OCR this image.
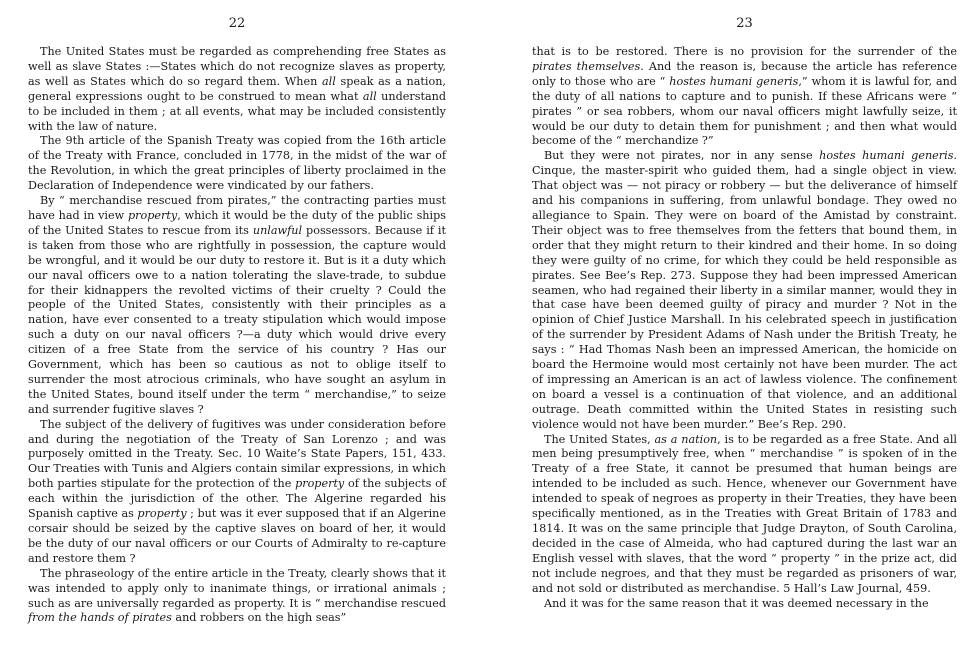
22

The United States must be regarded as comprehending free States as well as slave States :—States which do not recognize slaves as property, as well as States which do so regard them. When all speak as a nation, general expressions ought to be construed to mean what all understand to be included in them ; at all events, what may be included consistently with the law of nature.

The 9th article of the Spanish Treaty was copied from the 16th article of the Treaty with France, concluded in 1778, in the midst of the war of the Revolution, in which the great principles of liberty proclaimed in the Declaration of Independence were vindicated by our fathers.

By “ merchandise rescued from pirates,” the contracting parties must have had in view property, which it would be the duty of the public ships of the United States to rescue from its unlawful possessors. Because if it is taken from those who are rightfully in possession, the capture would be wrongful, and it would be our duty to restore it. But is it a duty which our naval officers owe to a nation tolerating the slave-trade, to subdue for their kidnappers the revolted victims of their cruelty ? Could the people of the United States, consistently with their principles as a nation, have ever consented to a treaty stipulation which would impose such a duty on our naval officers ?—a duty which would drive every citizen of a free State from the service of his country ? Has our Government, which has been so cautious as not to oblige itself to surrender the most atrocious criminals, who have sought an asylum in the United States, bound itself under the term “ merchandise,” to seize and surrender fugitive slaves ?

The subject of the delivery of fugitives was under consideration before and during the negotiation of the Treaty of San Lorenzo ; and was purposely omitted in the Treaty. Sec. 10 Waite’s State Papers, 151, 433. Our Treaties with Tunis and Algiers contain similar expressions, in which both parties stipulate for the protection of the property of the subjects of each within the jurisdiction of the other. The Algerine regarded his Spanish captive as property ; but was it ever supposed that if an Algerine corsair should be seized by the captive slaves on board of her, it would be the duty of our naval officers or our Courts of Admiralty to re-capture and restore them ?

The phraseology of the entire article in the Treaty, clearly shows that it was intended to apply only to inanimate things, or irrational animals ; such as are universally regarded as property. It is “ merchandise rescued from the hands of pirates and robbers on the high seas”

23

that is to be restored. There is no provision for the surrender of the pirates themselves. And the reason is, because the article has reference only to those who are “ hostes humani generis,” whom it is lawful for, and the duty of all nations to capture and to punish. If these Africans were “ pirates ” or sea robbers, whom our naval officers might lawfully seize, it would be our duty to detain them for punishment ; and then what would become of the “ merchandize ?”

But they were not pirates, nor in any sense hostes humani generis. Cinque, the master-spirit who guided them, had a single object in view. That object was — not piracy or robbery — but the deliverance of himself and his companions in suffering, from unlawful bondage. They owed no allegiance to Spain. They were on board of the Amistad by constraint. Their object was to free themselves from the fetters that bound them, in order that they might return to their kindred and their home. In so doing they were guilty of no crime, for which they could be held responsible as pirates. See Bee’s Rep. 273. Suppose they had been impressed American seamen, who had regained their liberty in a similar manner, would they in that case have been deemed guilty of piracy and murder ? Not in the opinion of Chief Justice Marshall. In his celebrated speech in justification of the surrender by President Adams of Nash under the British Treaty, he says : “ Had Thomas Nash been an impressed American, the homicide on board the Hermoine would most certainly not have been murder. The act of impressing an American is an act of lawless violence. The confinement on board a vessel is a continuation of that violence, and an additional outrage. Death committed within the United States in resisting such violence would not have been murder.” Bee’s Rep. 290.

The United States, as a nation, is to be regarded as a free State. And all men being presumptively free, when “ merchandise ” is spoken of in the Treaty of a free State, it cannot be presumed that human beings are intended to be included as such. Hence, whenever our Government have intended to speak of negroes as property in their Treaties, they have been specifically mentioned, as in the Treaties with Great Britain of 1783 and 1814. It was on the same principle that Judge Drayton, of South Carolina, decided in the case of Almeida, who had captured during the last war an English vessel with slaves, that the word “ property ” in the prize act, did not include negroes, and that they must be regarded as prisoners of war, and not sold or distributed as merchandise. 5 Hall’s Law Journal, 459.

And it was for the same reason that it was deemed necessary in the
